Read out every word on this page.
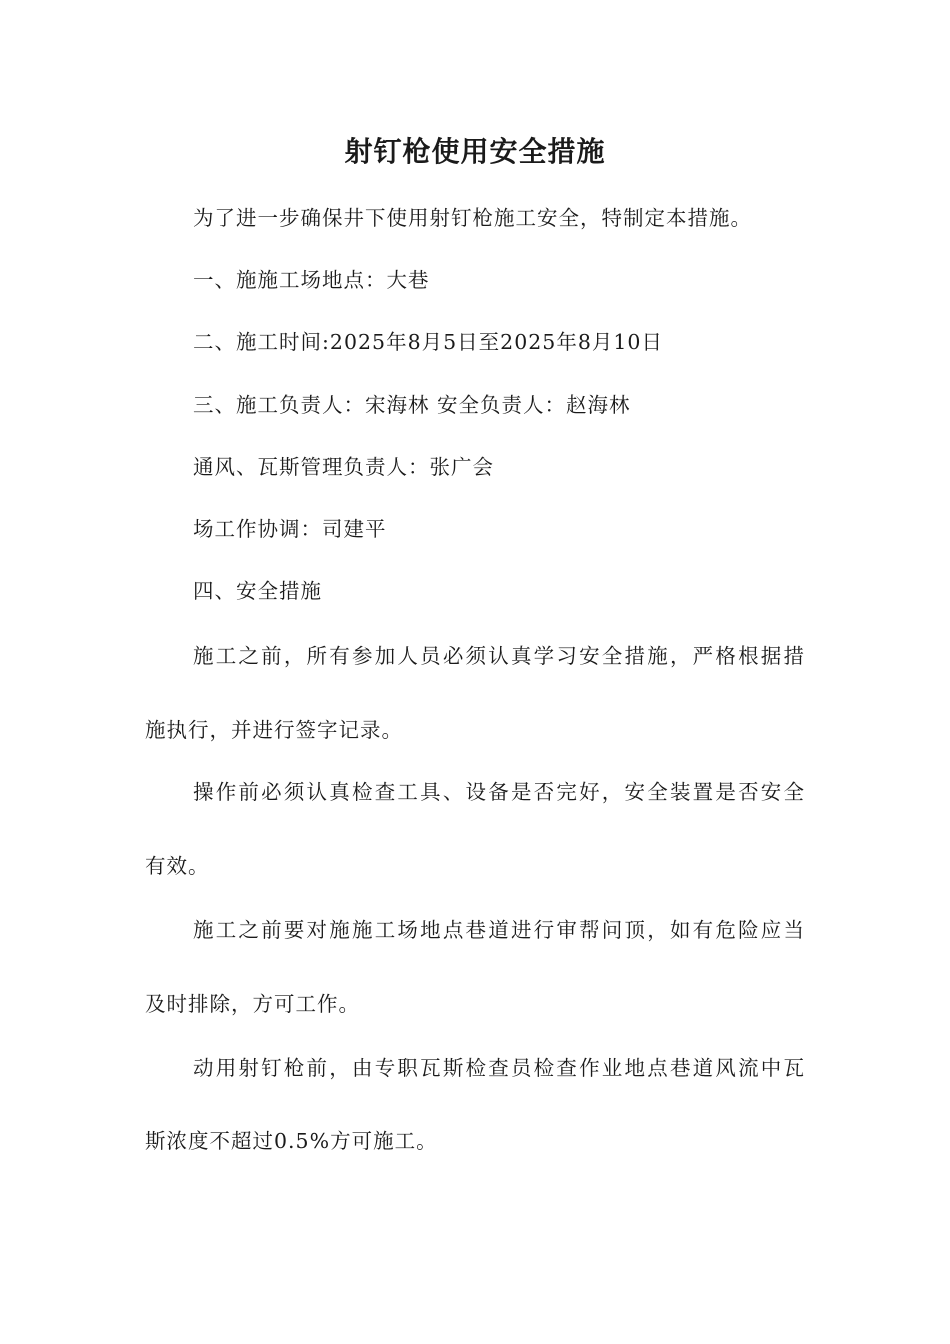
射钉枪使用安全措施
为了进一步确保井下使用射钉枪施工安全，特制定本措施。
一、施施工场地点：大巷
二、施工时间:2025年8月5日至2025年8月10日
三、施工负责人：宋海林 安全负责人：赵海林
通风、瓦斯管理负责人：张广会
场工作协调：司建平
四、安全措施
施工之前，所有参加人员必须认真学习安全措施，严格根据措
施执行，并进行签字记录。
操作前必须认真检查工具、设备是否完好，安全装置是否安全
有效。
施工之前要对施施工场地点巷道进行审帮问顶，如有危险应当
及时排除，方可工作。
动用射钉枪前，由专职瓦斯检查员检查作业地点巷道风流中瓦
斯浓度不超过0.5%方可施工。
